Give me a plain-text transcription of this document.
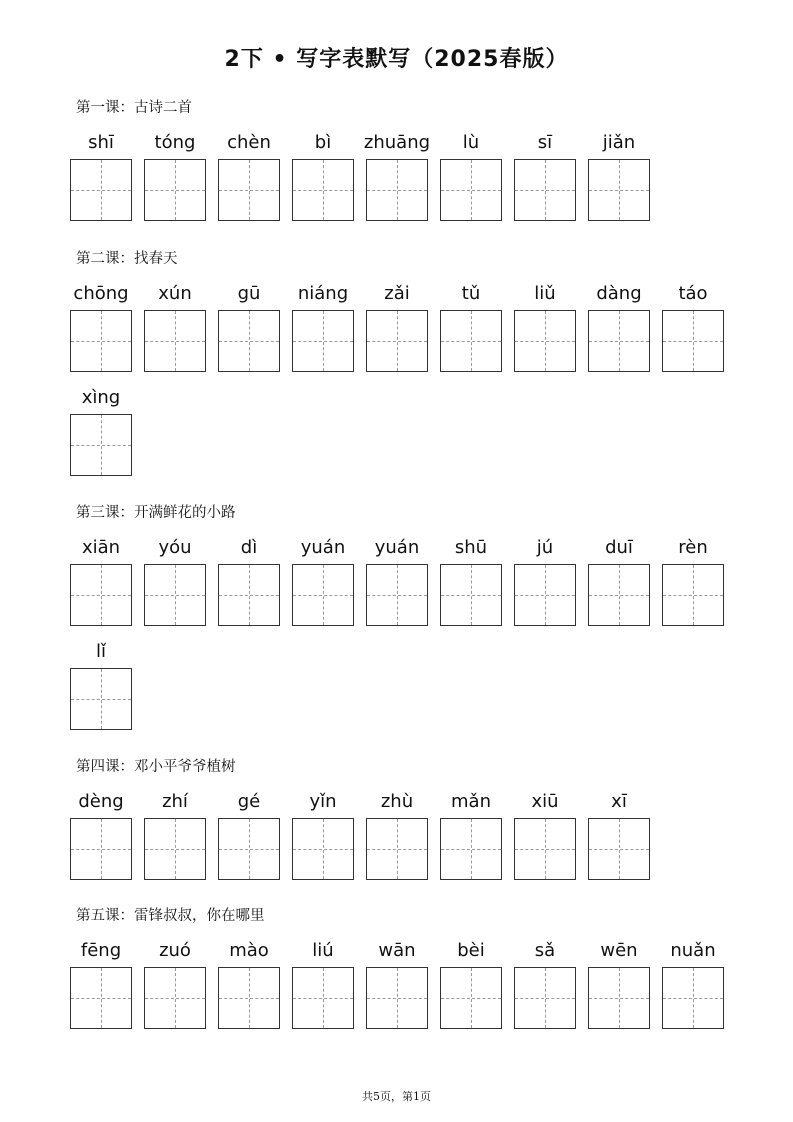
2下 • 写字表默写（2025春版）
第一课：古诗二首
shī	tóng	chèn	bì	zhuāng	lù	sī	jiǎn
第二课：找春天
chōng	xún	gū	niáng	zǎi	tǔ	liǔ	dàng	táo
xìng
第三课：开满鲜花的小路
xiān	yóu	dì	yuán	yuán	shū	jú	duī	rèn
lǐ
第四课：邓小平爷爷植树
dèng	zhí	gé	yǐn	zhù	mǎn	xiū	xī
第五课：雷锋叔叔，你在哪里
fēng	zuó	mào	liú	wān	bèi	sǎ	wēn	nuǎn
共5页，第1页
